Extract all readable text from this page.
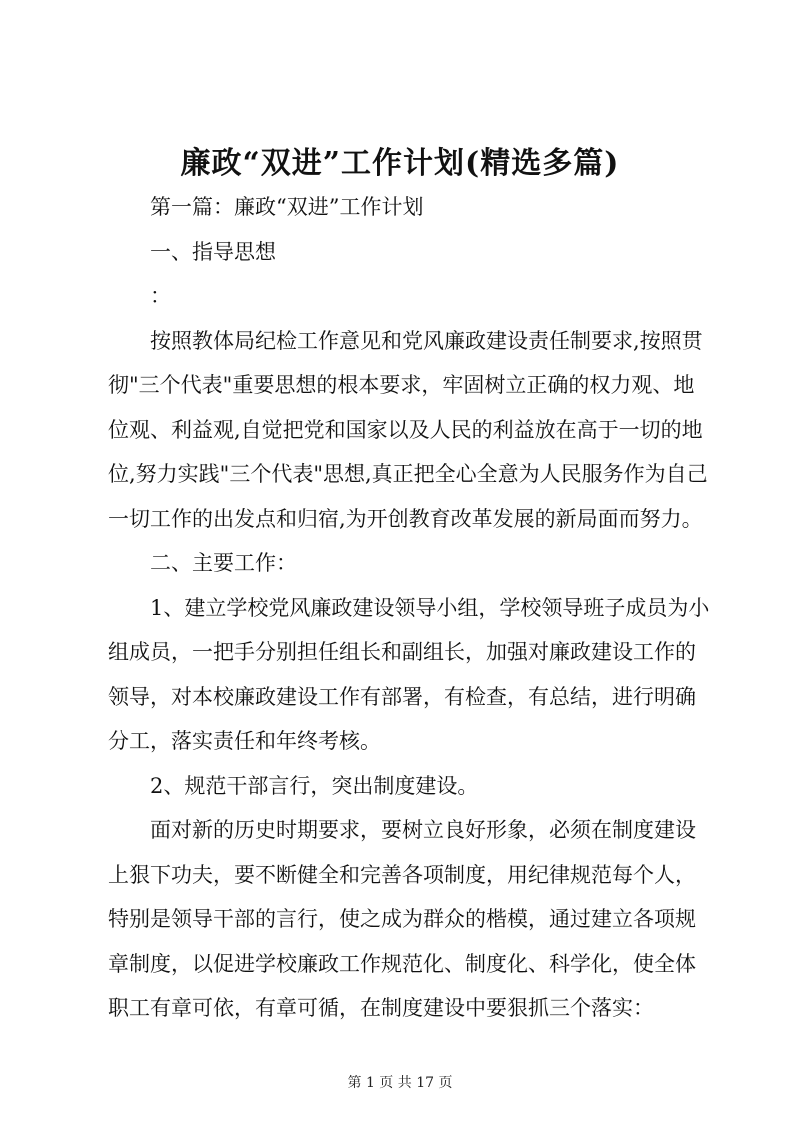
廉政“双进”工作计划(精选多篇)

第一篇：廉政“双进”工作计划

一、指导思想

：

按照教体局纪检工作意见和党风廉政建设责任制要求,按照贯彻"三个代表"重要思想的根本要求，牢固树立正确的权力观、地位观、利益观,自觉把党和国家以及人民的利益放在高于一切的地位,努力实践"三个代表"思想,真正把全心全意为人民服务作为自己一切工作的出发点和归宿,为开创教育改革发展的新局面而努力。

二、主要工作：

1、建立学校党风廉政建设领导小组，学校领导班子成员为小组成员，一把手分别担任组长和副组长，加强对廉政建设工作的领导，对本校廉政建设工作有部署，有检查，有总结，进行明确分工，落实责任和年终考核。

2、规范干部言行，突出制度建设。

面对新的历史时期要求，要树立良好形象，必须在制度建设上狠下功夫，要不断健全和完善各项制度，用纪律规范每个人，特别是领导干部的言行，使之成为群众的楷模，通过建立各项规章制度，以促进学校廉政工作规范化、制度化、科学化，使全体职工有章可依，有章可循，在制度建设中要狠抓三个落实：

第 1 页 共 17 页
